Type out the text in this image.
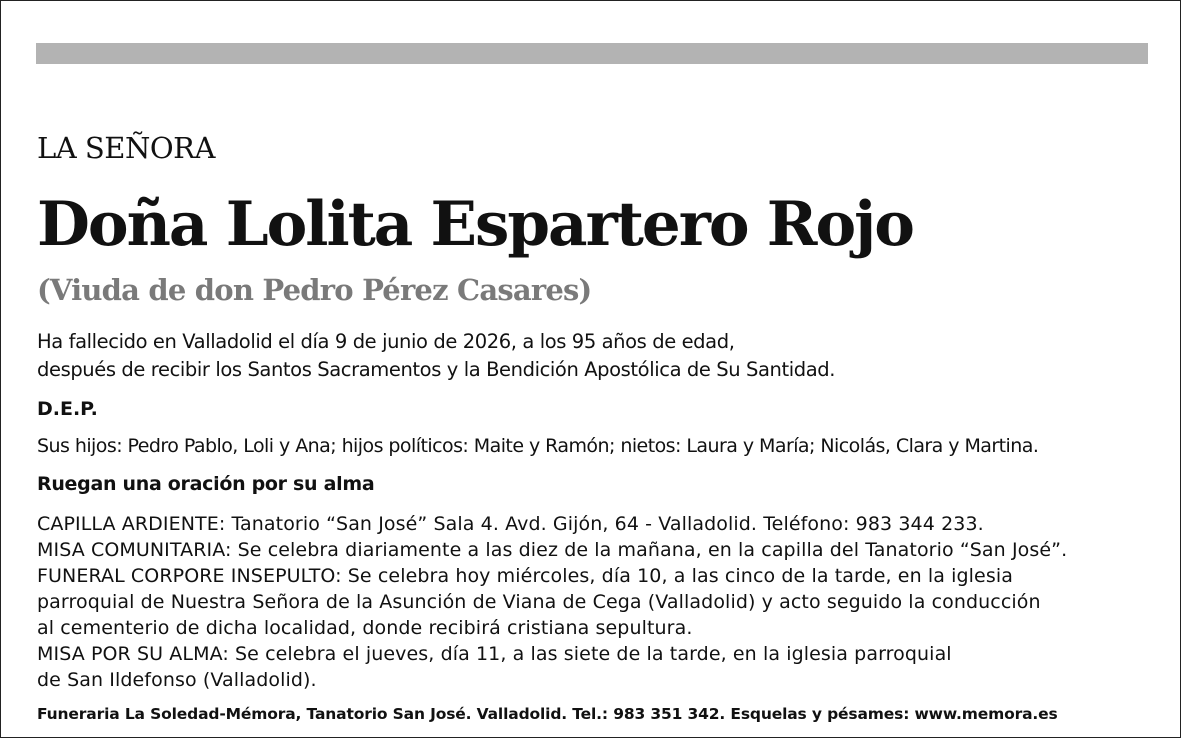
LA SEÑORA
Doña Lolita Espartero Rojo
(Viuda de don Pedro Pérez Casares)
Ha fallecido en Valladolid el día 9 de junio de 2026, a los 95 años de edad,
después de recibir los Santos Sacramentos y la Bendición Apostólica de Su Santidad.
D.E.P.
Sus hijos: Pedro Pablo, Loli y Ana; hijos políticos: Maite y Ramón; nietos: Laura y María; Nicolás, Clara y Martina.
Ruegan una oración por su alma
CAPILLA ARDIENTE: Tanatorio “San José” Sala 4. Avd. Gijón, 64 - Valladolid. Teléfono: 983 344 233.
MISA COMUNITARIA: Se celebra diariamente a las diez de la mañana, en la capilla del Tanatorio “San José”.
FUNERAL CORPORE INSEPULTO: Se celebra hoy miércoles, día 10, a las cinco de la tarde, en la iglesia
parroquial de Nuestra Señora de la Asunción de Viana de Cega (Valladolid) y acto seguido la conducción
al cementerio de dicha localidad, donde recibirá cristiana sepultura.
MISA POR SU ALMA: Se celebra el jueves, día 11, a las siete de la tarde, en la iglesia parroquial
de San Ildefonso (Valladolid).
Funeraria La Soledad-Mémora, Tanatorio San José. Valladolid. Tel.: 983 351 342. Esquelas y pésames: www.memora.es
